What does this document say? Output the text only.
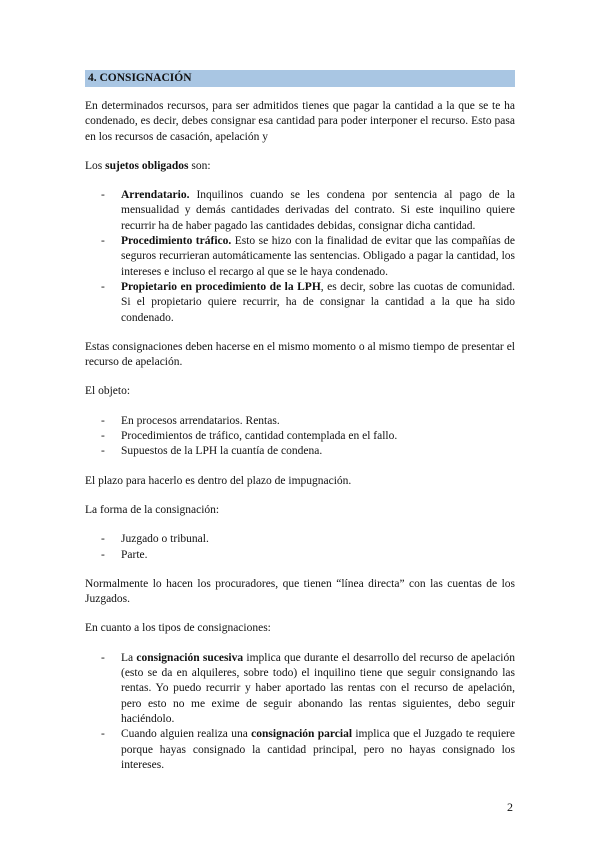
4. CONSIGNACIÓN

En determinados recursos, para ser admitidos tienes que pagar la cantidad a la que se te ha condenado, es decir, debes consignar esa cantidad para poder interponer el recurso. Esto pasa en los recursos de casación, apelación y

Los sujetos obligados son:

- Arrendatario. Inquilinos cuando se les condena por sentencia al pago de la mensualidad y demás cantidades derivadas del contrato. Si este inquilino quiere recurrir ha de haber pagado las cantidades debidas, consignar dicha cantidad.
- Procedimiento tráfico. Esto se hizo con la finalidad de evitar que las compañías de seguros recurrieran automáticamente las sentencias. Obligado a pagar la cantidad, los intereses e incluso el recargo al que se le haya condenado.
- Propietario en procedimiento de la LPH, es decir, sobre las cuotas de comunidad. Si el propietario quiere recurrir, ha de consignar la cantidad a la que ha sido condenado.

Estas consignaciones deben hacerse en el mismo momento o al mismo tiempo de presentar el recurso de apelación.

El objeto:

- En procesos arrendatarios. Rentas.
- Procedimientos de tráfico, cantidad contemplada en el fallo.
- Supuestos de la LPH la cuantía de condena.

El plazo para hacerlo es dentro del plazo de impugnación.

La forma de la consignación:

- Juzgado o tribunal.
- Parte.

Normalmente lo hacen los procuradores, que tienen “línea directa” con las cuentas de los Juzgados.

En cuanto a los tipos de consignaciones:

- La consignación sucesiva implica que durante el desarrollo del recurso de apelación (esto se da en alquileres, sobre todo) el inquilino tiene que seguir consignando las rentas. Yo puedo recurrir y haber aportado las rentas con el recurso de apelación, pero esto no me exime de seguir abonando las rentas siguientes, debo seguir haciéndolo.
- Cuando alguien realiza una consignación parcial implica que el Juzgado te requiere porque hayas consignado la cantidad principal, pero no hayas consignado los intereses.
2
